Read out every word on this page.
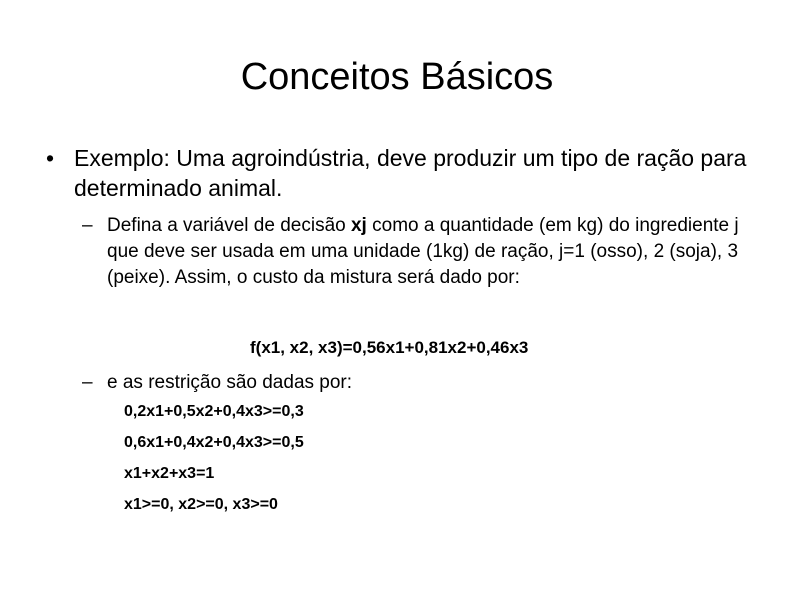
Conceitos Básicos
• Exemplo: Uma agroindústria, deve produzir um tipo de ração para determinado animal.
– Defina a variável de decisão xj como a quantidade (em kg) do ingrediente j que deve ser usada em uma unidade (1kg) de ração, j=1 (osso), 2 (soja), 3 (peixe). Assim, o custo da mistura será dado por:
f(x1, x2, x3)=0,56x1+0,81x2+0,46x3
– e as restrição são dadas por:
0,2x1+0,5x2+0,4x3>=0,3
0,6x1+0,4x2+0,4x3>=0,5
x1+x2+x3=1
x1>=0, x2>=0, x3>=0
